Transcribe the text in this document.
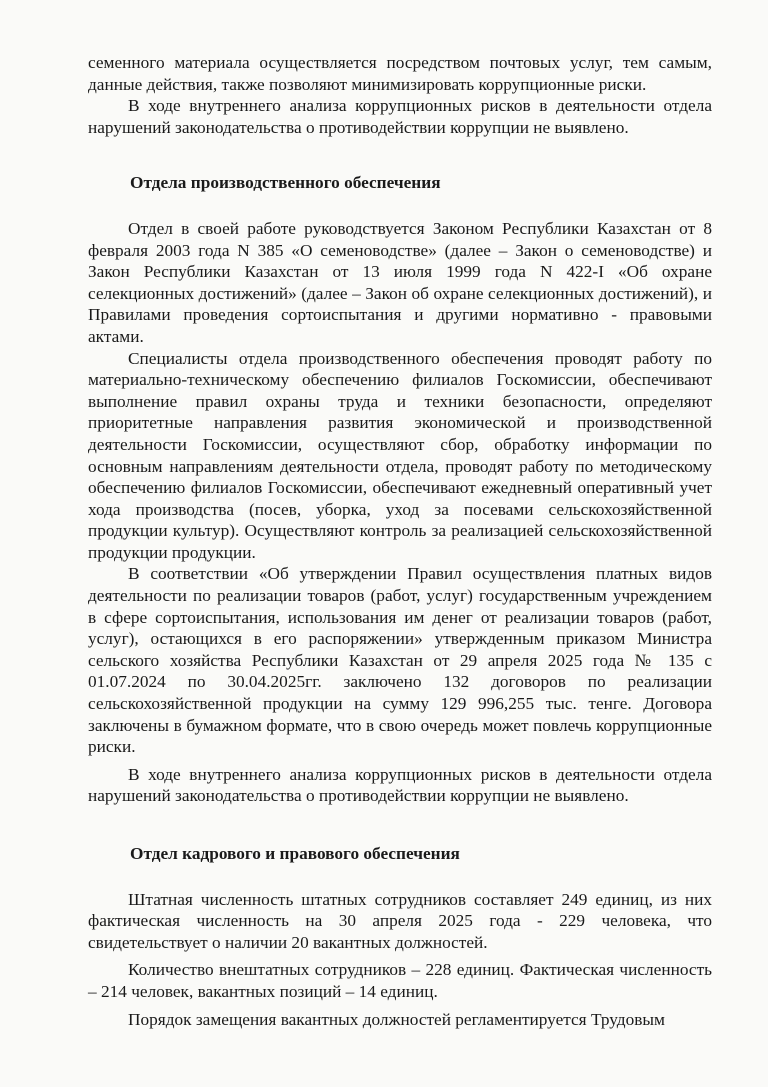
семенного материала осуществляется посредством почтовых услуг, тем самым, данные действия, также позволяют минимизировать коррупционные риски.

В ходе внутреннего анализа коррупционных рисков в деятельности отдела нарушений законодательства о противодействии коррупции не выявлено.

Отдела производственного обеспечения

Отдел в своей работе руководствуется Законом Республики Казахстан от 8 февраля 2003 года N 385 «О семеноводстве» (далее – Закон о семеноводстве) и Закон Республики Казахстан от 13 июля 1999 года N 422-I «Об охране селекционных достижений» (далее – Закон об охране селекционных достижений), и Правилами проведения сортоиспытания и другими нормативно - правовыми актами.

Специалисты отдела производственного обеспечения проводят работу по материально-техническому обеспечению филиалов Госкомиссии, обеспечивают выполнение правил охраны труда и техники безопасности, определяют приоритетные направления развития экономической и производственной деятельности Госкомиссии, осуществляют сбор, обработку информации по основным направлениям деятельности отдела, проводят работу по методическому обеспечению филиалов Госкомиссии, обеспечивают ежедневный оперативный учет хода производства (посев, уборка, уход за посевами сельскохозяйственной продукции культур). Осуществляют контроль за реализацией сельскохозяйственной продукции продукции.

В соответствии «Об утверждении Правил осуществления платных видов деятельности по реализации товаров (работ, услуг) государственным учреждением в сфере сортоиспытания, использования им денег от реализации товаров (работ, услуг), остающихся в его распоряжении» утвержденным приказом Министра сельского хозяйства Республики Казахстан от 29 апреля 2025 года № 135 с 01.07.2024 по 30.04.2025гг. заключено 132 договоров по реализации сельскохозяйственной продукции на сумму 129 996,255 тыс. тенге. Договора заключены в бумажном формате, что в свою очередь может повлечь коррупционные риски.

В ходе внутреннего анализа коррупционных рисков в деятельности отдела нарушений законодательства о противодействии коррупции не выявлено.

Отдел кадрового и правового обеспечения

Штатная численность штатных сотрудников составляет 249 единиц, из них фактическая численность на 30 апреля 2025 года - 229 человека, что свидетельствует о наличии 20 вакантных должностей.

Количество внештатных сотрудников – 228 единиц. Фактическая численность – 214 человек, вакантных позиций – 14 единиц.

Порядок замещения вакантных должностей регламентируется Трудовым
